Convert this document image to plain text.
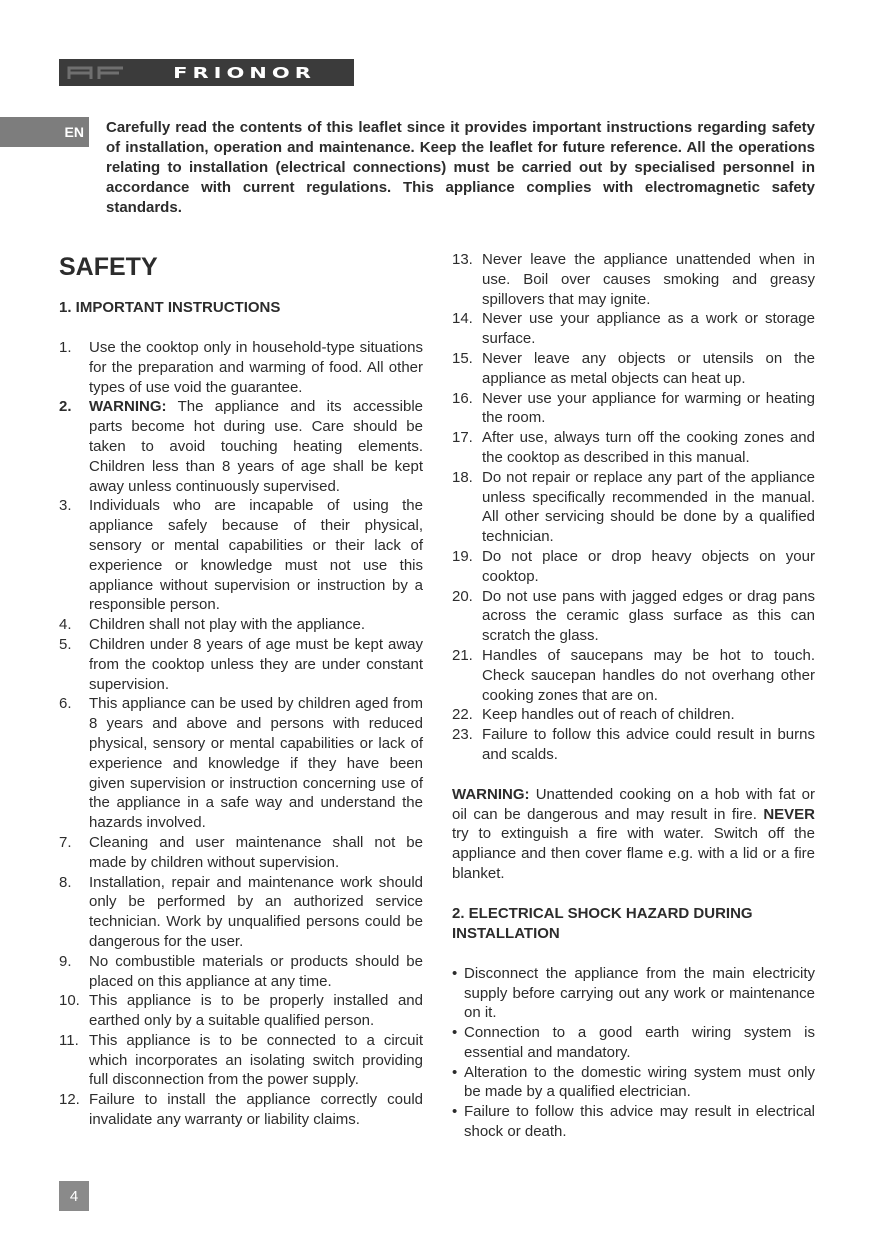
FRIONOR
EN	Carefully read the contents of this leaflet since it provides important instructions regarding safety of installation, operation and maintenance. Keep the leaflet for future reference. All the operations relating to installation (electrical connections) must be carried out by specialised personnel in accordance with current regulations. This appliance complies with electromagnetic safety standards.

SAFETY
1. IMPORTANT INSTRUCTIONS
1.	Use the cooktop only in household-type situations for the preparation and warming of food. All other types of use void the guarantee.
2.	WARNING: The appliance and its accessible parts become hot during use. Care should be taken to avoid touching heating elements. Children less than 8 years of age shall be kept away unless continuously supervised.
3.	Individuals who are incapable of using the appliance safely because of their physical, sensory or mental capabilities or their lack of experience or knowledge must not use this appliance without supervision or instruction by a responsible person.
4.	Children shall not play with the appliance.
5.	Children under 8 years of age must be kept away from the cooktop unless they are under constant supervision.
6.	This appliance can be used by children aged from 8 years and above and persons with reduced physical, sensory or mental capabilities or lack of experience and knowledge if they have been given supervision or instruction concerning use of the appliance in a safe way and understand the hazards involved.
7.	Cleaning and user maintenance shall not be made by children without supervision.
8.	Installation, repair and maintenance work should only be performed by an authorized service technician. Work by unqualified persons could be dangerous for the user.
9.	No combustible materials or products should be placed on this appliance at any time.
10. This appliance is to be properly installed and earthed only by a suitable qualified person.
11. This appliance is to be connected to a circuit which incorporates an isolating switch providing full disconnection from the power supply.
12. Failure to install the appliance correctly could invalidate any warranty or liability claims.
13. Never leave the appliance unattended when in use. Boil over causes smoking and greasy spillovers that may ignite.
14. Never use your appliance as a work or storage surface.
15. Never leave any objects or utensils on the appliance as metal objects can heat up.
16. Never use your appliance for warming or heating the room.
17. After use, always turn off the cooking zones and the cooktop as described in this manual.
18. Do not repair or replace any part of the appliance unless specifically recommended in the manual. All other servicing should be done by a qualified technician.
19. Do not place or drop heavy objects on your cooktop.
20. Do not use pans with jagged edges or drag pans across the ceramic glass surface as this can scratch the glass.
21. Handles of saucepans may be hot to touch. Check saucepan handles do not overhang other cooking zones that are on.
22. Keep handles out of reach of children.
23. Failure to follow this advice could result in burns and scalds.

WARNING: Unattended cooking on a hob with fat or oil can be dangerous and may result in fire. NEVER try to extinguish a fire with water. Switch off the appliance and then cover flame e.g. with a lid or a fire blanket.

2. ELECTRICAL SHOCK HAZARD DURING INSTALLATION
• Disconnect the appliance from the main electricity supply before carrying out any work or maintenance on it.
• Connection to a good earth wiring system is essential and mandatory.
• Alteration to the domestic wiring system must only be made by a qualified electrician.
• Failure to follow this advice may result in electrical shock or death.
4
